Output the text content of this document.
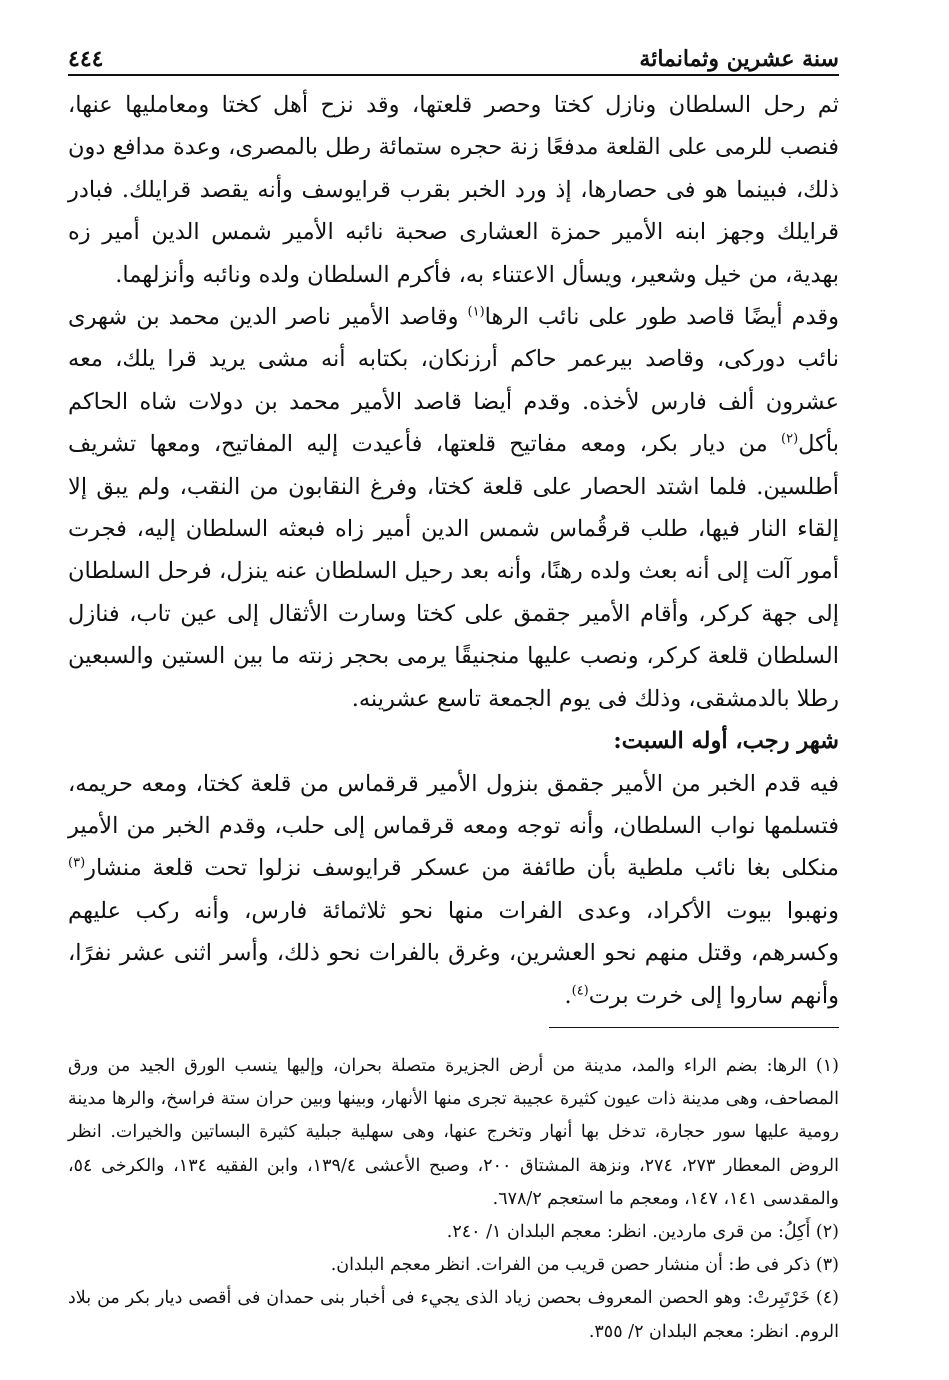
سنة عشرين وثمانمائة
٤٤٤

ثم رحل السلطان ونازل كختا وحصر قلعتها، وقد نزح أهل كختا ومعامليها عنها، فنصب للرمى على القلعة مدفعًا زنة حجره ستمائة رطل بالمصرى، وعدة مدافع دون ذلك، فبينما هو فى حصارها، إذ ورد الخبر بقرب قرايوسف وأنه يقصد قرايلك. فبادر قرايلك وجهز ابنه الأمير حمزة العشارى صحبة نائبه الأمير شمس الدين أمير زه بهدية، من خيل وشعير، ويسأل الاعتناء به، فأكرم السلطان ولده ونائبه وأنزلهما.

وقدم أيضًا قاصد طور على نائب الرها$^{(١)}$ وقاصد الأمير ناصر الدين محمد بن شهرى نائب دوركى، وقاصد بيرعمر حاكم أرزنكان، بكتابه أنه مشى يريد قرا يلك، معه عشرون ألف فارس لأخذه. وقدم أيضا قاصد الأمير محمد بن دولات شاه الحاكم بأكل$^{(٢)}$ من ديار بكر، ومعه مفاتيح قلعتها، فأعيدت إليه المفاتيح، ومعها تشريف أطلسين. فلما اشتد الحصار على قلعة كختا، وفرغ النقابون من النقب، ولم يبق إلا إلقاء النار فيها، طلب قرقُماس شمس الدين أمير زاه فبعثه السلطان إليه، فجرت أمور آلت إلى أنه بعث ولده رهنًا، وأنه بعد رحيل السلطان عنه ينزل، فرحل السلطان إلى جهة كركر، وأقام الأمير جقمق على كختا وسارت الأثقال إلى عين تاب، فنازل السلطان قلعة كركر، ونصب عليها منجنيقًا يرمى بحجر زنته ما بين الستين والسبعين رطلا بالدمشقى، وذلك فى يوم الجمعة تاسع عشرينه.

شهر رجب، أوله السبت:

فيه قدم الخبر من الأمير جقمق بنزول الأمير قرقماس من قلعة كختا، ومعه حريمه، فتسلمها نواب السلطان، وأنه توجه ومعه قرقماس إلى حلب، وقدم الخبر من الأمير منكلى بغا نائب ملطية بأن طائفة من عسكر قرايوسف نزلوا تحت قلعة منشار$^{(٣)}$ ونهبوا بيوت الأكراد، وعدى الفرات منها نحو ثلاثمائة فارس، وأنه ركب عليهم وكسرهم، وقتل منهم نحو العشرين، وغرق بالفرات نحو ذلك، وأسر اثنى عشر نفرًا، وأنهم ساروا إلى خرت برت$^{(٤)}$.

(١) الرها: بضم الراء والمد، مدينة من أرض الجزيرة متصلة بحران، وإليها ينسب الورق الجيد من ورق المصاحف، وهى مدينة ذات عيون كثيرة عجيبة تجرى منها الأنهار، وبينها وبين حران ستة فراسخ، والرها مدينة رومية عليها سور حجارة، تدخل بها أنهار وتخرج عنها، وهى سهلية جبلية كثيرة البساتين والخيرات. انظر الروض المعطار ٢٧٣، ٢٧٤، ونزهة المشتاق ٢٠٠، وصبح الأعشى ١٣٩/٤، وابن الفقيه ١٣٤، والكرخى ٥٤، والمقدسى ١٤١، ١٤٧، ومعجم ما استعجم ٦٧٨/٢.

(٢) أَكِلُ: من قرى ماردين. انظر: معجم البلدان ١/ ٢٤٠.

(٣) ذكر فى ط: أن منشار حصن قريب من الفرات. انظر معجم البلدان.

(٤) خَرْتَبِرتْ: وهو الحصن المعروف بحصن زياد الذى يجيء فى أخبار بنى حمدان فى أقصى ديار بكر من بلاد الروم. انظر: معجم البلدان ٢/ ٣٥٥.
